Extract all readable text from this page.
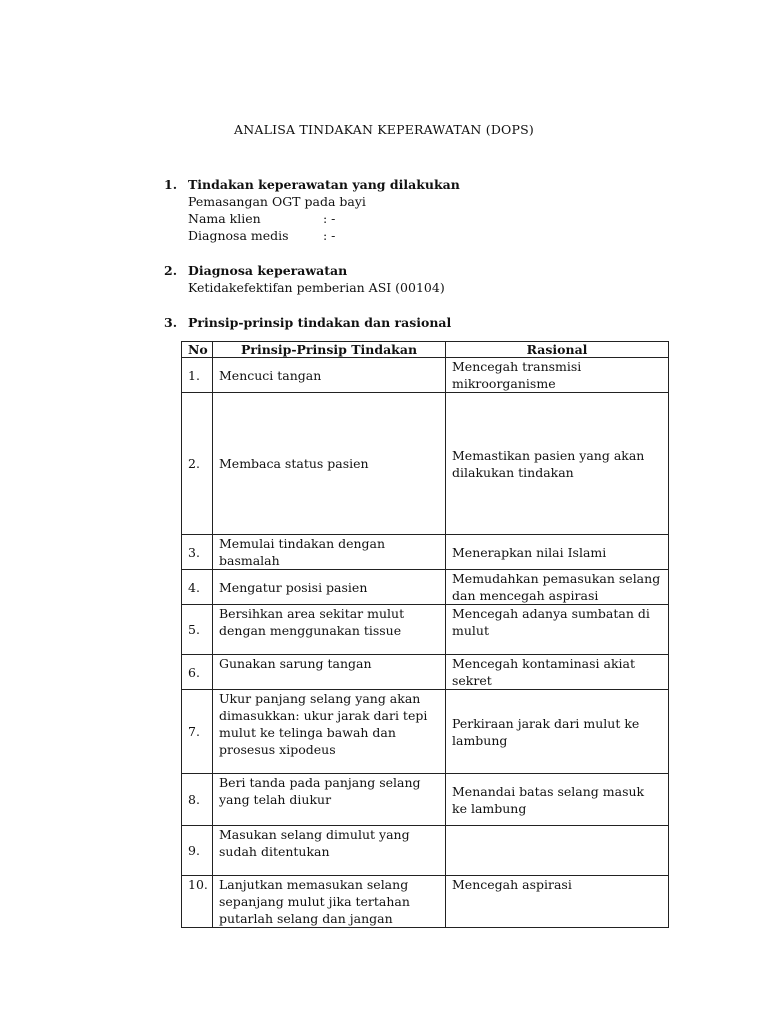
ANALISA TINDAKAN KEPERAWATAN (DOPS)
1. Tindakan keperawatan yang dilakukan
Pemasangan OGT pada bayi
Nama klien	: -
Diagnosa medis	: -
2. Diagnosa keperawatan
Ketidakefektifan pemberian ASI (00104)
3. Prinsip-prinsip tindakan dan rasional
No	Prinsip-Prinsip Tindakan	Rasional
1.	Mencuci tangan	Mencegah transmisi mikroorganisme
2.	Membaca status pasien	Memastikan pasien yang akan dilakukan tindakan
3.	Memulai tindakan dengan basmalah	Menerapkan nilai Islami
4.	Mengatur posisi pasien	Memudahkan pemasukan selang dan mencegah aspirasi
5.	Bersihkan area sekitar mulut dengan menggunakan tissue	Mencegah adanya sumbatan di mulut
6.	Gunakan sarung tangan	Mencegah kontaminasi akiat sekret
7.	Ukur panjang selang yang akan dimasukkan: ukur jarak dari tepi mulut ke telinga bawah dan prosesus xipodeus	Perkiraan jarak dari mulut ke lambung
8.	Beri tanda pada panjang selang yang telah diukur	Menandai batas selang masuk ke lambung
9.	Masukan selang dimulut yang sudah ditentukan	
10.	Lanjutkan memasukan selang sepanjang mulut jika tertahan putarlah selang dan jangan	Mencegah aspirasi
